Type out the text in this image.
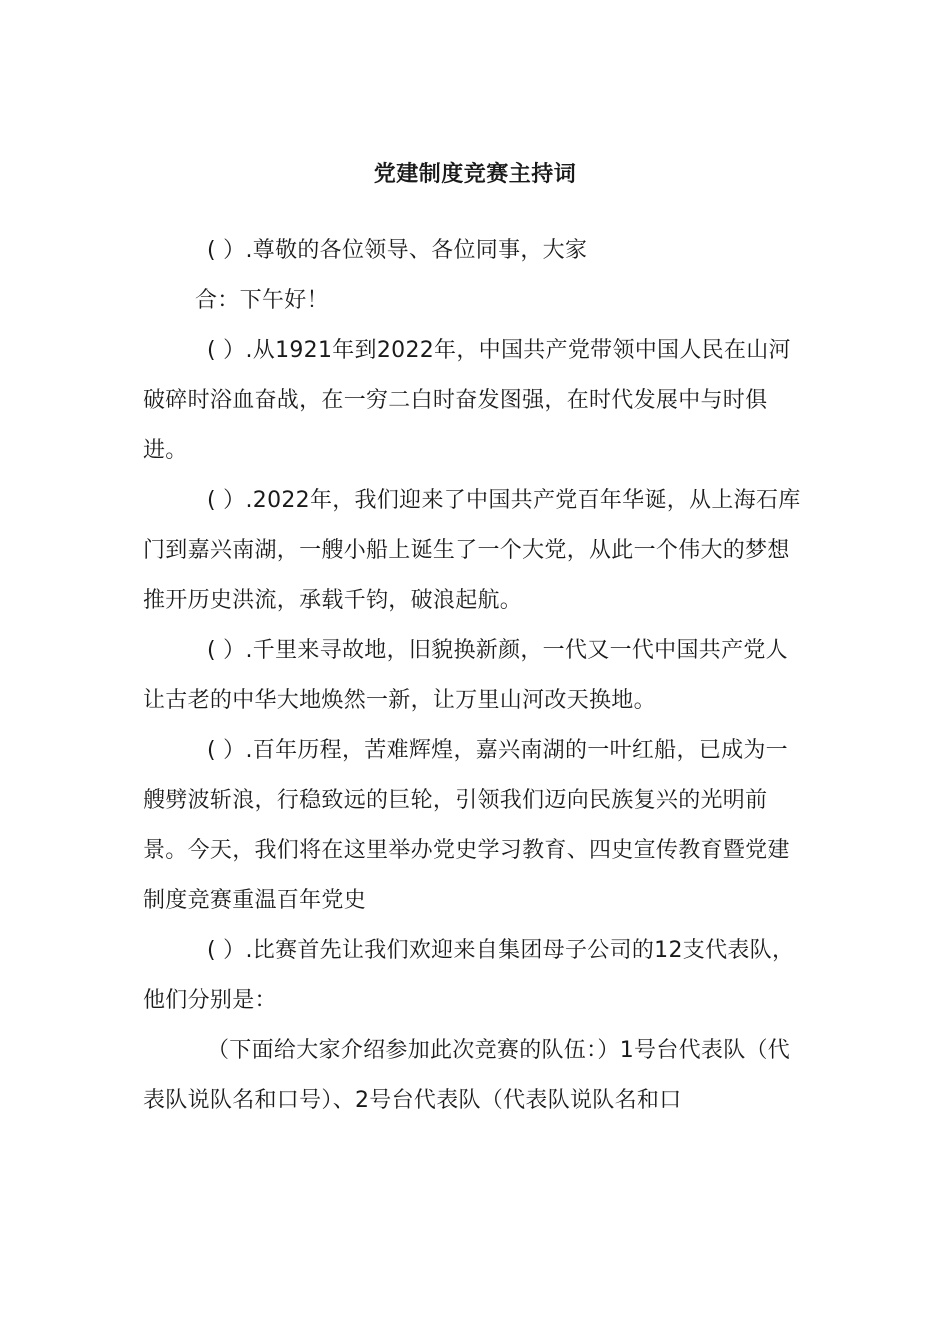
党建制度竞赛主持词

( ）.尊敬的各位领导、各位同事，大家

合：下午好！

( ）.从1921年到2022年，中国共产党带领中国人民在山河破碎时浴血奋战，在一穷二白时奋发图强，在时代发展中与时俱进。

( ）.2022年，我们迎来了中国共产党百年华诞，从上海石库门到嘉兴南湖，一艘小船上诞生了一个大党，从此一个伟大的梦想推开历史洪流，承载千钧，破浪起航。

( ）.千里来寻故地，旧貌换新颜，一代又一代中国共产党人让古老的中华大地焕然一新，让万里山河改天换地。

( ）.百年历程，苦难辉煌，嘉兴南湖的一叶红船，已成为一艘劈波斩浪，行稳致远的巨轮，引领我们迈向民族复兴的光明前景。今天，我们将在这里举办党史学习教育、四史宣传教育暨党建制度竞赛重温百年党史

( ）.比赛首先让我们欢迎来自集团母子公司的12支代表队，他们分别是：

（下面给大家介绍参加此次竞赛的队伍：）1号台代表队（代表队说队名和口号）、2号台代表队（代表队说队名和口
